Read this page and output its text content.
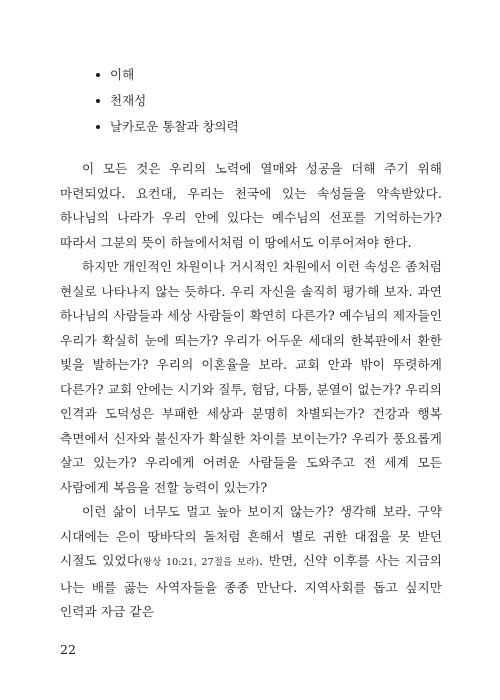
이해
천재성
날카로운 통찰과 창의력

이 모든 것은 우리의 노력에 열매와 성공을 더해 주기 위해 마련되었다. 요컨대, 우리는 천국에 있는 속성들을 약속받았다. 하나님의 나라가 우리 안에 있다는 예수님의 선포를 기억하는가? 따라서 그분의 뜻이 하늘에서처럼 이 땅에서도 이루어져야 한다.

하지만 개인적인 차원이나 거시적인 차원에서 이런 속성은 좀처럼 현실로 나타나지 않는 듯하다. 우리 자신을 솔직히 평가해 보자. 과연 하나님의 사람들과 세상 사람들이 확연히 다른가? 예수님의 제자들인 우리가 확실히 눈에 띄는가? 우리가 어두운 세대의 한복판에서 환한 빛을 발하는가? 우리의 이혼율을 보라. 교회 안과 밖이 뚜렷하게 다른가? 교회 안에는 시기와 질투, 험담, 다툼, 분열이 없는가? 우리의 인격과 도덕성은 부패한 세상과 분명히 차별되는가? 건강과 행복 측면에서 신자와 불신자가 확실한 차이를 보이는가? 우리가 풍요롭게 살고 있는가? 우리에게 어려운 사람들을 도와주고 전 세계 모든 사람에게 복음을 전할 능력이 있는가?

이런 삶이 너무도 멀고 높아 보이지 않는가? 생각해 보라. 구약 시대에는 은이 땅바닥의 돌처럼 흔해서 별로 귀한 대접을 못 받던 시절도 있었다(왕상 10:21, 27절을 보라). 반면, 신약 이후를 사는 지금의 나는 배를 곯는 사역자들을 종종 만난다. 지역사회를 돕고 싶지만 인력과 자금 같은

22
